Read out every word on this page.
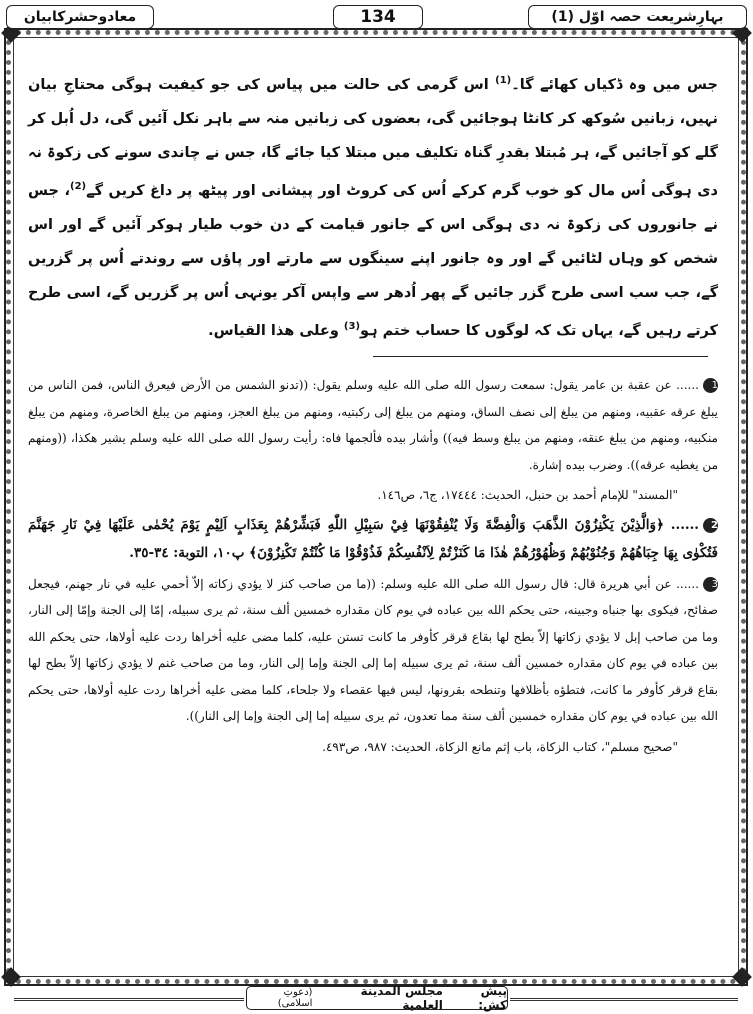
بہارِشریعت حصہ اوّل (1)
134
معادوحشرکابیان

جس میں وہ ڈکیاں کھائے گا۔$^{(1)}$ اس گرمی کی حالت میں پیاس کی جو کیفیت ہوگی محتاجِ بیان نہیں، زبانیں سُوکھ کر کانٹا ہوجائیں گی، بعضوں کی زبانیں منہ سے باہر نکل آئیں گی، دل اُبل کر گلے کو آجائیں گے، ہر مُبتلا بقدرِ گناہ تکلیف میں مبتلا کیا جائے گا، جس نے چاندی سونے کی زکوۃ نہ دی ہوگی اُس مال کو خوب گرم کرکے اُس کی کروٹ اور پیشانی اور پیٹھ پر داغ کریں گے$^{(2)}$، جس نے جانوروں کی زکوۃ نہ دی ہوگی اس کے جانور قیامت کے دن خوب طیار ہوکر آئیں گے اور اس شخص کو وہاں لٹائیں گے اور وہ جانور اپنے سینگوں سے مارتے اور پاؤں سے روندتے اُس پر گزریں گے، جب سب اسی طرح گزر جائیں گے پھر اُدھر سے واپس آکر یونہی اُس پر گزریں گے، اسی طرح کرتے رہیں گے، یہاں تک کہ لوگوں کا حساب ختم ہو$^{(3)}$ وعلی ھذا القیاس.

1...... عن عقبة بن عامر يقول: سمعت رسول الله صلى الله عليه وسلم يقول: ((تدنو الشمس من الأرض فيعرق الناس، فمن الناس من يبلغ عرقه عقبيه، ومنهم من يبلغ إلى نصف الساق، ومنهم من يبلغ إلى ركبتيه، ومنهم من يبلغ العجز، ومنهم من يبلغ الخاصرة، ومنهم من يبلغ منكبيه، ومنهم من يبلغ عنقه، ومنهم من يبلغ وسط فيه)) وأشار بيده فألجمها فاه: رأيت رسول الله صلى الله عليه وسلم يشير هكذا، ((ومنهم من يغطيه عرقه)). وضرب بيده إشارة.

"المسند" للإمام أحمد بن حنبل، الحديث: ١٧٤٤٤، ج٦، ص١٤٦.

2...... ﴿وَالَّذِيْنَ يَكْنِزُوْنَ الذَّهَبَ وَالْفِضَّةَ وَلَا يُنْفِقُوْنَهَا فِيْ سَبِيْلِ اللّٰهِ فَبَشِّرْهُمْ بِعَذَابٍ اَلِيْمٍ يَوْمَ يُحْمٰى عَلَيْهَا فِيْ نَارِ جَهَنَّمَ فَتُكْوٰى بِهَا جِبَاهُهُمْ وَجُنُوْبُهُمْ وَظُهُوْرُهُمْ هٰذَا مَا كَنَزْتُمْ لِاَنْفُسِكُمْ فَذُوْقُوْا مَا كُنْتُمْ تَكْنِزُوْنَ﴾ پ١٠، التوبة: ٣٤-٣٥.

3...... عن أبي هريرة قال: قال رسول الله صلى الله عليه وسلم: ((ما من صاحب كنز لا يؤدي زكاته إلاّ أحمي عليه في نار جهنم، فيجعل صفائح، فيكوى بها جنباه وجبينه، حتى يحكم الله بين عباده في يوم كان مقداره خمسين ألف سنة، ثم يرى سبيله، إمّا إلى الجنة وإمّا إلى النار، وما من صاحب إبل لا يؤدي زكاتها إلاّ بطح لها بقاع قرقر كأوفر ما كانت تستن عليه، كلما مضى عليه أخراها ردت عليه أولاها، حتى يحكم الله بين عباده في يوم كان مقداره خمسين ألف سنة، ثم يرى سبيله إما إلى الجنة وإما إلى النار، وما من صاحب غنم لا يؤدي زكاتها إلاّ بطح لها بقاع قرقر كأوفر ما كانت، فتطؤه بأظلافها وتنطحه بقرونها، ليس فيها عقصاء ولا جلحاء، كلما مضى عليه أخراها ردت عليه أولاها، حتى يحكم الله بين عباده في يوم كان مقداره خمسين ألف سنة مما تعدون، ثم يرى سبيله إما إلى الجنة وإما إلى النار)).

"صحيح مسلم"، كتاب الزكاة، باب إثم مانع الزكاة، الحديث: ٩٨٧، ص٤٩٣.

پیش کش:
مجلس المدينة العلمية
(دعوتِ اسلامی)
